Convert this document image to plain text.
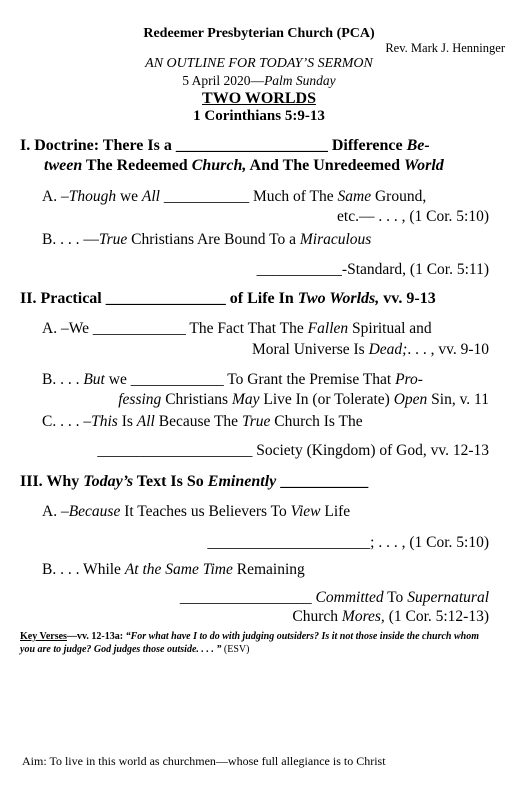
Redeemer Presbyterian Church (PCA)
Rev. Mark J. Henninger
AN OUTLINE FOR TODAY’S SERMON
5 April 2020—Palm Sunday
TWO WORLDS
1 Corinthians 5:9-13
I. Doctrine: There Is a ___________________ Difference Be-
tween The Redeemed Church, And The Unredeemed World
A. –Though we All ___________ Much of The Same Ground,
etc.— . . . , (1 Cor. 5:10)
B. . . . —True Christians Are Bound To a Miraculous
___________-Standard, (1 Cor. 5:11)
II. Practical _______________ of Life In Two Worlds, vv. 9-13
A. –We ____________ The Fact That The Fallen Spiritual and
Moral Universe Is Dead;. . . , vv. 9-10
B. . . . But we ____________ To Grant the Premise That Pro-
fessing Christians May Live In (or Tolerate) Open Sin, v. 11
C. . . . –This Is All Because The True Church Is The
____________________ Society (Kingdom) of God, vv. 12-13
III. Why Today’s Text Is So Eminently ___________
A. –Because It Teaches us Believers To View Life
_____________________; . . . , (1 Cor. 5:10)
B. . . . While At the Same Time Remaining
_________________ Committed To Supernatural
Church Mores, (1 Cor. 5:12-13)
Key Verses—vv. 12-13a: “For what have I to do with judging outsiders? Is it not those inside the church whom you are to judge? God judges those outside. . . . ” (ESV)
Aim: To live in this world as churchmen—whose full allegiance is to Christ
